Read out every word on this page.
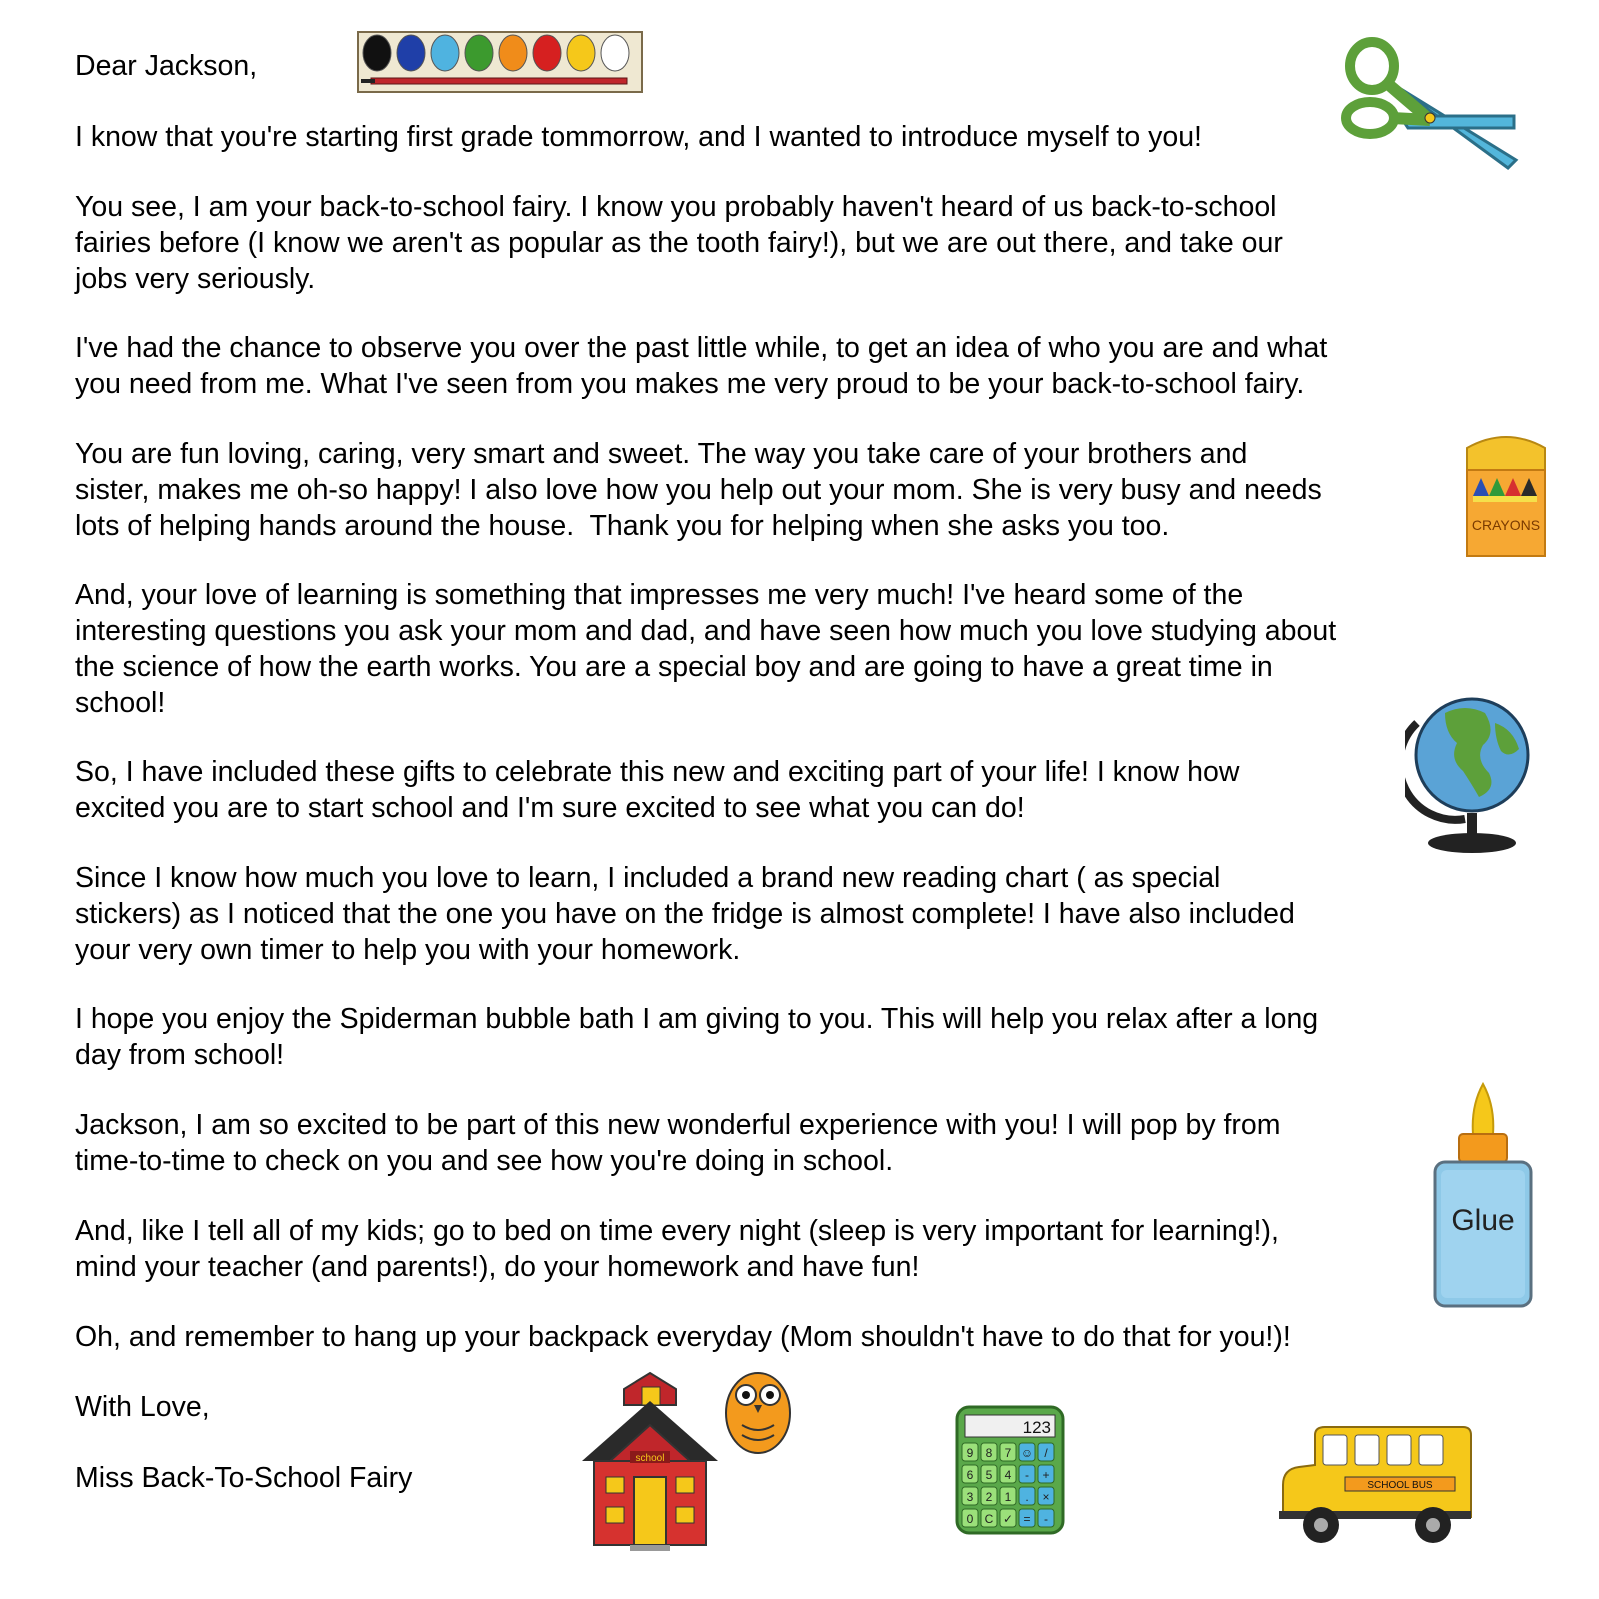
Dear Jackson,

I know that you're starting first grade tommorrow, and I wanted to introduce myself to you!

You see, I am your back-to-school fairy. I know you probably haven't heard of us back-to-school
fairies before (I know we aren't as popular as the tooth fairy!), but we are out there, and take our
jobs very seriously.

I've had the chance to observe you over the past little while, to get an idea of who you are and what
you need from me. What I've seen from you makes me very proud to be your back-to-school fairy.

You are fun loving, caring, very smart and sweet. The way you take care of your brothers and
sister, makes me oh-so happy! I also love how you help out your mom. She is very busy and needs
lots of helping hands around the house.  Thank you for helping when she asks you too.

And, your love of learning is something that impresses me very much! I've heard some of the
interesting questions you ask your mom and dad, and have seen how much you love studying about
the science of how the earth works. You are a special boy and are going to have a great time in
school!

So, I have included these gifts to celebrate this new and exciting part of your life! I know how
excited you are to start school and I'm sure excited to see what you can do!

Since I know how much you love to learn, I included a brand new reading chart ( as special
stickers) as I noticed that the one you have on the fridge is almost complete! I have also included
your very own timer to help you with your homework.

I hope you enjoy the Spiderman bubble bath I am giving to you. This will help you relax after a long
day from school!

Jackson, I am so excited to be part of this new wonderful experience with you! I will pop by from
time-to-time to check on you and see how you're doing in school.

And, like I tell all of my kids; go to bed on time every night (sleep is very important for learning!),
mind your teacher (and parents!), do your homework and have fun!

Oh, and remember to hang up your backpack everyday (Mom shouldn't have to do that for you!)!

With Love,

Miss Back-To-School Fairy

CRAYONS
Glue
school
123
9 8 7 ☺ /
6 5 4 - +
3 2 1 . ×
0 C ✓ = -
SCHOOL BUS
